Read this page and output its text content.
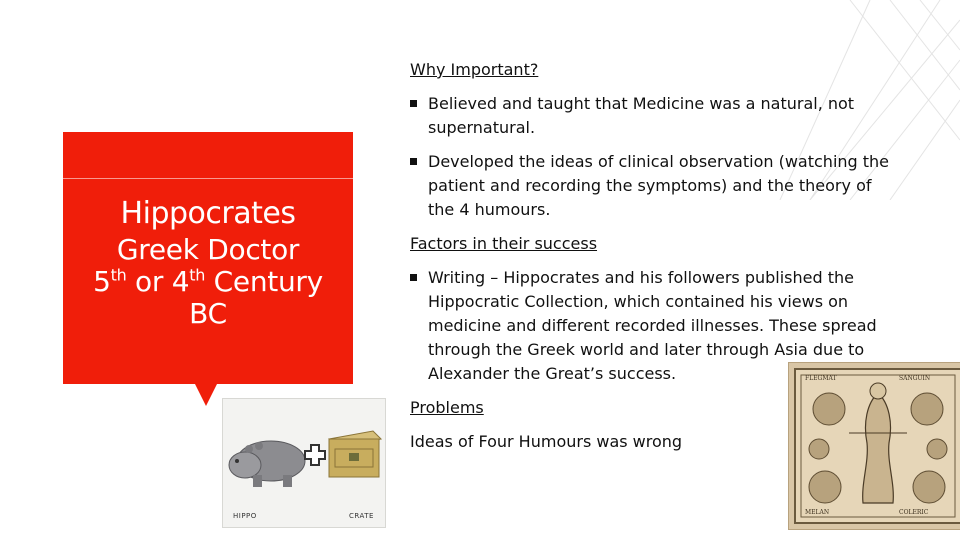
Hippocrates
Greek Doctor
5th or 4th Century
BC

Why Important?

Believed and taught that Medicine was a natural, not supernatural.
Developed the ideas of clinical observation (watching the patient and recording the symptoms) and the theory of the 4 humours.

Factors in their success

Writing – Hippocrates and his followers published the Hippocratic Collection, which contained his views on medicine and different recorded illnesses. These spread through the Greek world and later through Asia due to Alexander the Great’s success.

Problems

Ideas of Four Humours was wrong

HIPPO	CRATE
FLEGMAT	SANGUIN
MELAN	COLERIC
